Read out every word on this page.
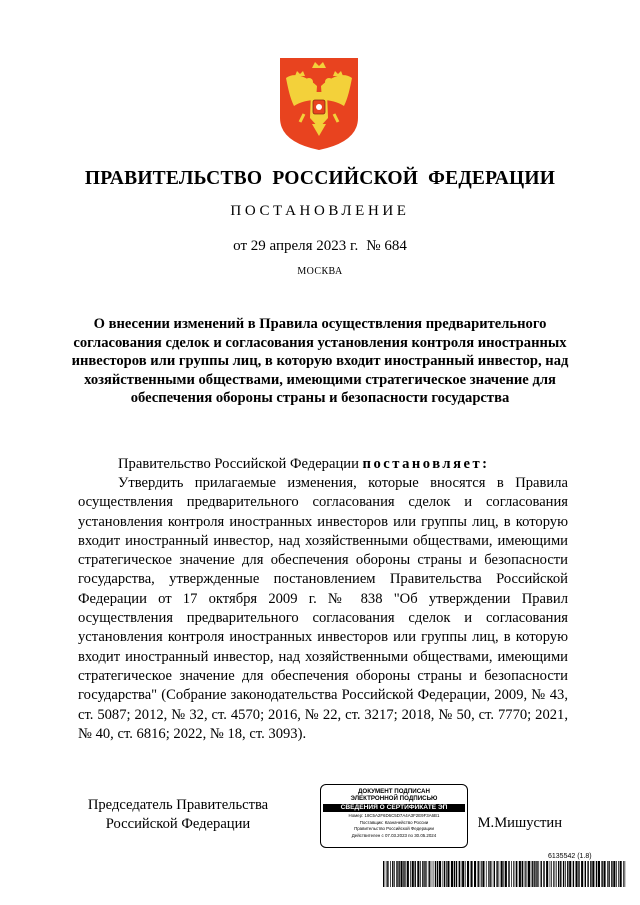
ПРАВИТЕЛЬСТВО РОССИЙСКОЙ ФЕДЕРАЦИИ
ПОСТАНОВЛЕНИЕ
от 29 апреля 2023 г. № 684
МОСКВА
О внесении изменений в Правила осуществления предварительного согласования сделок и согласования установления контроля иностранных инвесторов или группы лиц, в которую входит иностранный инвестор, над хозяйственными обществами, имеющими стратегическое значение для обеспечения обороны страны и безопасности государства
Правительство Российской Федерации постановляет:
Утвердить прилагаемые изменения, которые вносятся в Правила осуществления предварительного согласования сделок и согласования установления контроля иностранных инвесторов или группы лиц, в которую входит иностранный инвестор, над хозяйственными обществами, имеющими стратегическое значение для обеспечения обороны страны и безопасности государства, утвержденные постановлением Правительства Российской Федерации от 17 октября 2009 г. № 838 "Об утверждении Правил осуществления предварительного согласования сделок и согласования установления контроля иностранных инвесторов или группы лиц, в которую входит иностранный инвестор, над хозяйственными обществами, имеющими стратегическое значение для обеспечения обороны страны и безопасности государства" (Собрание законодательства Российской Федерации, 2009, № 43, ст. 5087; 2012, № 32, ст. 4570; 2016, № 22, ст. 3217; 2018, № 50, ст. 7770; 2021, № 40, ст. 6816; 2022, № 18, ст. 3093).
Председатель Правительства
Российской Федерации
ДОКУМЕНТ ПОДПИСАН
ЭЛЕКТРОННОЙ ПОДПИСЬЮ
СВЕДЕНИЯ О СЕРТИФИКАТЕ ЭП
Номер: 18C5A2F6D6C5D7A4A3F2E9F3A6B1
Поставщик: Казначейство России
Правительство Российской Федерации
Действителен с 07.03.2023 по 30.05.2024
М.Мишустин
6135542 (1.8)
